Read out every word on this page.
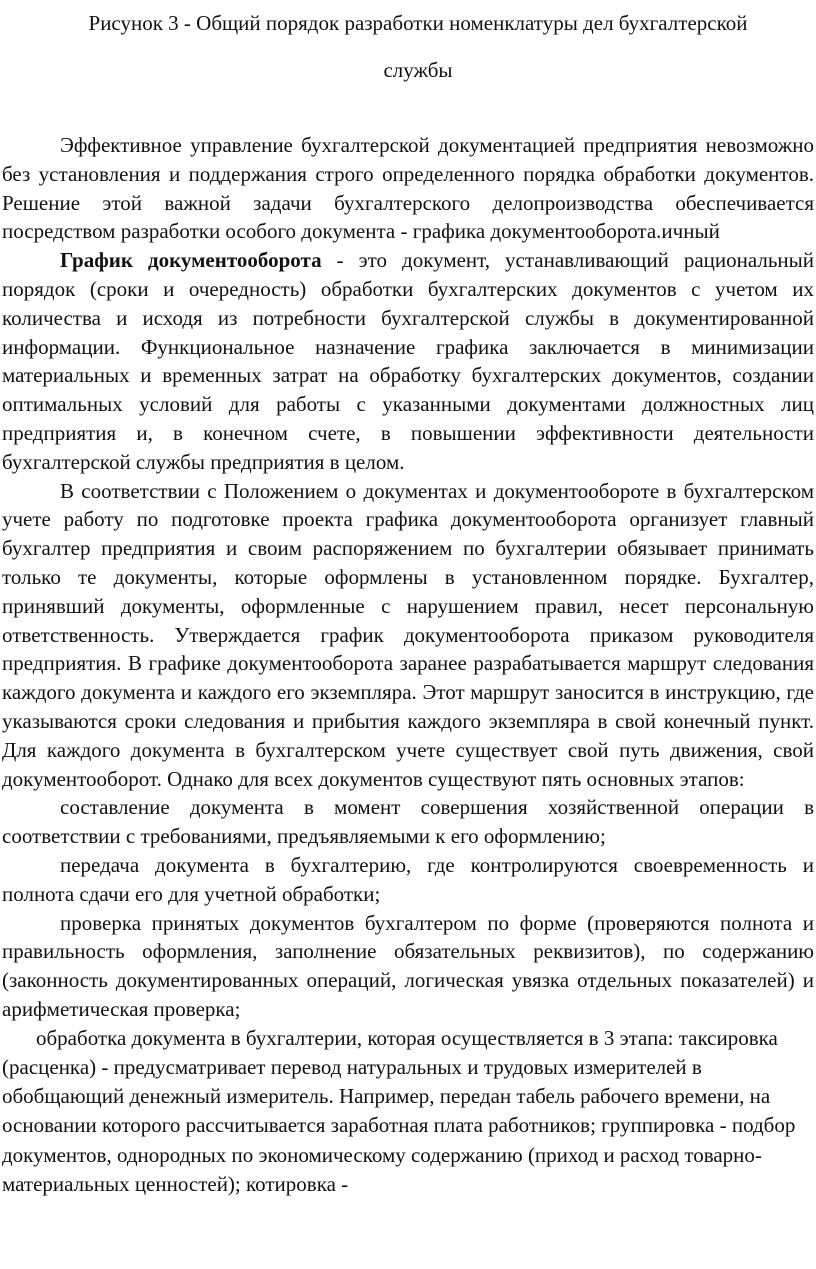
Рисунок 3 - Общий порядок разработки номенклатуры дел бухгалтерской

службы

Эффективное управление бухгалтерской документацией предприятия невозможно без установления и поддержания строго определенного порядка обработки документов. Решение этой важной задачи бухгалтерского делопроизводства обеспечивается посредством разработки особого документа - графика документооборота.ичный

График документооборота - это документ, устанавливающий рациональный порядок (сроки и очередность) обработки бухгалтерских документов с учетом их количества и исходя из потребности бухгалтерской службы в документированной информации. Функциональное назначение графика заключается в минимизации материальных и временных затрат на обработку бухгалтерских документов, создании оптимальных условий для работы с указанными документами должностных лиц предприятия и, в конечном счете, в повышении эффективности деятельности бухгалтерской службы предприятия в целом.

В соответствии с Положением о документах и документообороте в бухгалтерском учете работу по подготовке проекта графика документооборота организует главный бухгалтер предприятия и своим распоряжением по бухгалтерии обязывает принимать только те документы, которые оформлены в установленном порядке. Бухгалтер, принявший документы, оформленные с нарушением правил, несет персональную ответственность. Утверждается график документооборота приказом руководителя предприятия. В графике документооборота заранее разрабатывается маршрут следования каждого документа и каждого его экземпляра. Этот маршрут заносится в инструкцию, где указываются сроки следования и прибытия каждого экземпляра в свой конечный пункт. Для каждого документа в бухгалтерском учете существует свой путь движения, свой документооборот. Однако для всех документов существуют пять основных этапов:

составление документа в момент совершения хозяйственной операции в соответствии с требованиями, предъявляемыми к его оформлению;

передача документа в бухгалтерию, где контролируются своевременность и полнота сдачи его для учетной обработки;

проверка принятых документов бухгалтером по форме (проверяются полнота и правильность оформления, заполнение обязательных реквизитов), по содержанию (законность документированных операций, логическая увязка отдельных показателей) и арифметическая проверка;

обработка документа в бухгалтерии, которая осуществляется в 3 этапа: таксировка (расценка) - предусматривает перевод натуральных и трудовых измерителей в обобщающий денежный измеритель. Например, передан табель рабочего времени, на основании которого рассчитывается заработная плата работников; группировка - подбор документов, однородных по экономическому содержанию (приход и расход товарно-материальных ценностей); котировка -
